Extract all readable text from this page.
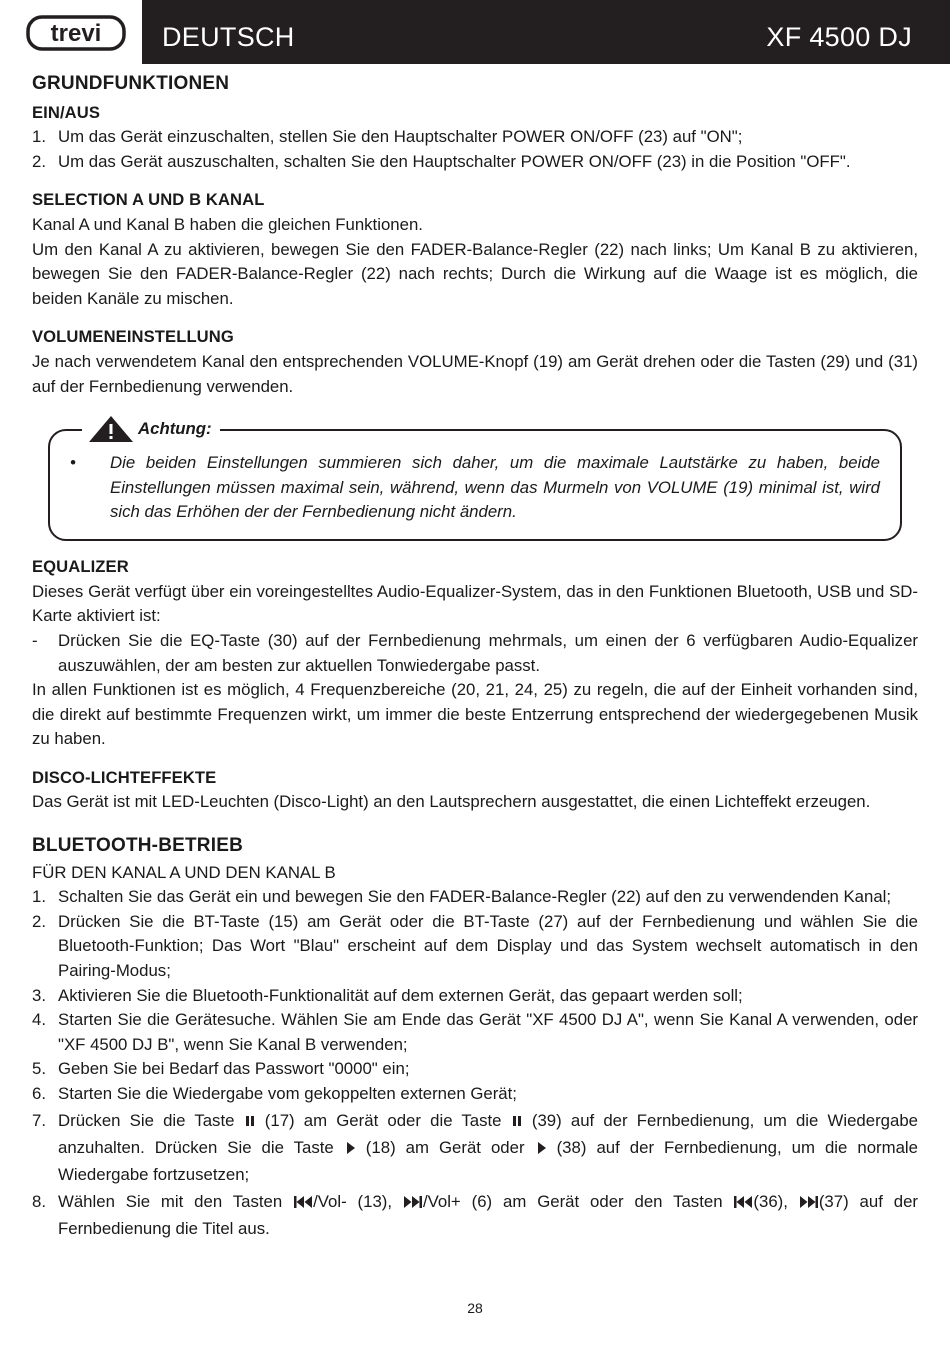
trevi DEUTSCH	XF 4500 DJ
GRUNDFUNKTIONEN
EIN/AUS
1. Um das Gerät einzuschalten, stellen Sie den Hauptschalter POWER ON/OFF (23) auf "ON";
2. Um das Gerät auszuschalten, schalten Sie den Hauptschalter POWER ON/OFF (23) in die Position "OFF".
SELECTION A UND B KANAL

Kanal A und Kanal B haben die gleichen Funktionen.

Um den Kanal A zu aktivieren, bewegen Sie den FADER-Balance-Regler (22) nach links; Um Kanal B zu aktivieren, bewegen Sie den FADER-Balance-Regler (22) nach rechts; Durch die Wirkung auf die Waage ist es möglich, die beiden Kanäle zu mischen.

VOLUMENEINSTELLUNG

Je nach verwendetem Kanal den entsprechenden VOLUME-Knopf (19) am Gerät drehen oder die Tasten (29) und (31) auf der Fernbedienung verwenden.

Achtung:
• Die beiden Einstellungen summieren sich daher, um die maximale Lautstärke zu haben, beide Einstellungen müssen maximal sein, während, wenn das Murmeln von VOLUME (19) minimal ist, wird sich das Erhöhen der der Fernbedienung nicht ändern.
EQUALIZER

Dieses Gerät verfügt über ein voreingestelltes Audio-Equalizer-System, das in den Funktionen Bluetooth, USB und SD-Karte aktiviert ist:

- Drücken Sie die EQ-Taste (30) auf der Fernbedienung mehrmals, um einen der 6 verfügbaren Audio-Equalizer auszuwählen, der am besten zur aktuellen Tonwiedergabe passt.

In allen Funktionen ist es möglich, 4 Frequenzbereiche (20, 21, 24, 25) zu regeln, die auf der Einheit vorhanden sind, die direkt auf bestimmte Frequenzen wirkt, um immer die beste Entzerrung entsprechend der wiedergegebenen Musik zu haben.

DISCO-LICHTEFFEKTE

Das Gerät ist mit LED-Leuchten (Disco-Light) an den Lautsprechern ausgestattet, die einen Lichteffekt erzeugen.

BLUETOOTH-BETRIEB

FÜR DEN KANAL A UND DEN KANAL B

1. Schalten Sie das Gerät ein und bewegen Sie den FADER-Balance-Regler (22) auf den zu verwendenden Kanal;
2. Drücken Sie die BT-Taste (15) am Gerät oder die BT-Taste (27) auf der Fernbedienung und wählen Sie die Bluetooth-Funktion; Das Wort "Blau" erscheint auf dem Display und das System wechselt automatisch in den Pairing-Modus;
3. Aktivieren Sie die Bluetooth-Funktionalität auf dem externen Gerät, das gepaart werden soll;
4. Starten Sie die Gerätesuche. Wählen Sie am Ende das Gerät "XF 4500 DJ A", wenn Sie Kanal A verwenden, oder "XF 4500 DJ B", wenn Sie Kanal B verwenden;
5. Geben Sie bei Bedarf das Passwort "0000" ein;
6. Starten Sie die Wiedergabe vom gekoppelten externen Gerät;
7. Drücken Sie die Taste  (17) am Gerät oder die Taste  (39) auf der Fernbedienung, um die Wiedergabe anzuhalten. Drücken Sie die Taste  (18) am Gerät oder  (38) auf der Fernbedienung, um die normale Wiedergabe fortzusetzen;
8. Wählen Sie mit den Tasten /Vol- (13), /Vol+ (6) am Gerät oder den Tasten (36), (37) auf der Fernbedienung die Titel aus.
28
